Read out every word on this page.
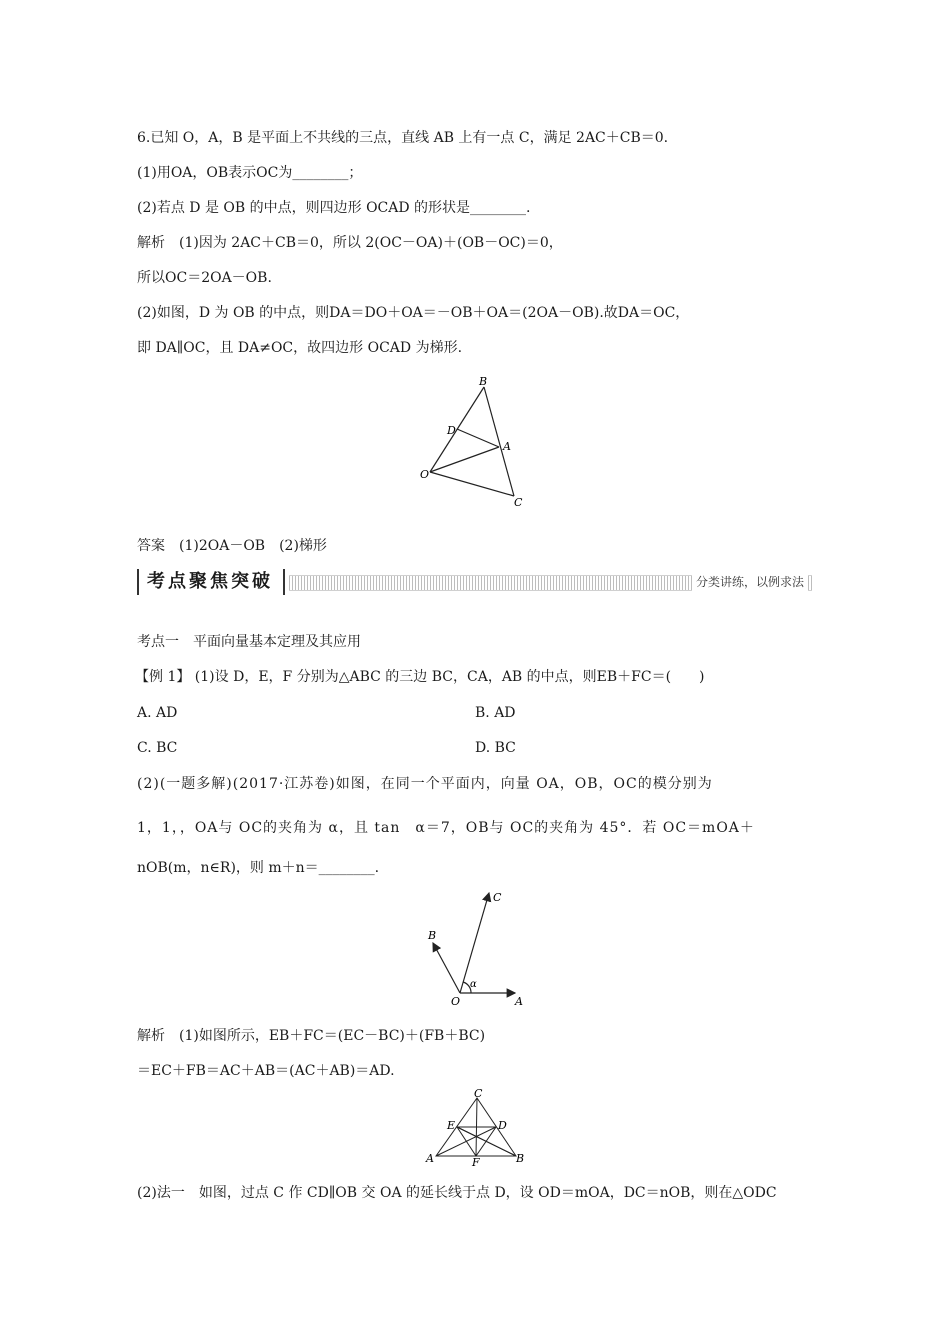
6.已知 O，A，B 是平面上不共线的三点，直线 AB 上有一点 C，满足 2AC＋CB＝0.
(1)用OA，OB表示OC为________；
(2)若点 D 是 OB 的中点，则四边形 OCAD 的形状是________.
解析　(1)因为 2AC＋CB＝0，所以 2(OC－OA)＋(OB－OC)＝0，
所以OC＝2OA－OB.
(2)如图，D 为 OB 的中点，则DA＝DO＋OA＝－OB＋OA＝(2OA－OB).故DA＝OC，
即 DA∥OC，且 DA≠OC，故四边形 OCAD 为梯形.
B
D
A
O
C
答案　(1)2OA－OB　(2)梯形
考点聚焦突破	分类讲练，以例求法
考点一　平面向量基本定理及其应用
【例 1】 (1)设 D，E，F 分别为△ABC 的三边 BC，CA，AB 的中点，则EB＋FC＝(　　)
A. AD	B. AD
C. BC	D. BC
(2)(一题多解)(2017·江苏卷)如图，在同一个平面内，向量 OA，OB，OC的模分别为
1，1，，OA与 OC的夹角为 α，且 tan　α＝7，OB与 OC的夹角为 45°．若 OC＝mOA＋
nOB(m，n∈R)，则 m＋n＝________.
C
B
α
O	A
解析　(1)如图所示，EB＋FC＝(EC－BC)＋(FB＋BC)
＝EC＋FB＝AC＋AB＝(AC＋AB)＝AD.
C
E	D
A	F	B
(2)法一　如图，过点 C 作 CD∥OB 交 OA 的延长线于点 D，设 OD＝mOA，DC＝nOB，则在△ODC
